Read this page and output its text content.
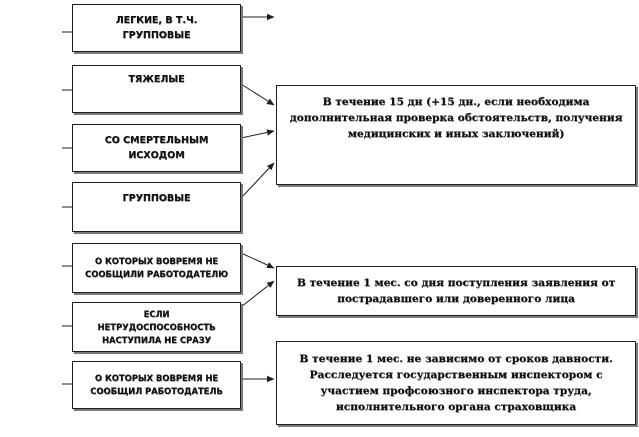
ЛЕГКИЕ, В Т.Ч. ГРУППОВЫЕ
ТЯЖЕЛЫЕ
СО СМЕРТЕЛЬНЫМ ИСХОДОМ
ГРУППОВЫЕ
О КОТОРЫХ ВОВРЕМЯ НЕ СООБЩИЛИ РАБОТОДАТЕЛЮ
ЕСЛИ НЕТРУДОСПОСОБНОСТЬ НАСТУПИЛА НЕ СРАЗУ
О КОТОРЫХ ВОВРЕМЯ НЕ СООБЩИЛ РАБОТОДАТЕЛЬ
В течение 15 дн (+15 дн., если необходима дополнительная проверка обстоятельств, получения медицинских и иных заключений)
В течение 1 мес. со дня поступления заявления от пострадавшего или доверенного лица
В течение 1 мес. не зависимо от сроков давности. Расследуется государственным инспектором с участием профсоюзного инспектора труда, исполнительного органа страховщика
